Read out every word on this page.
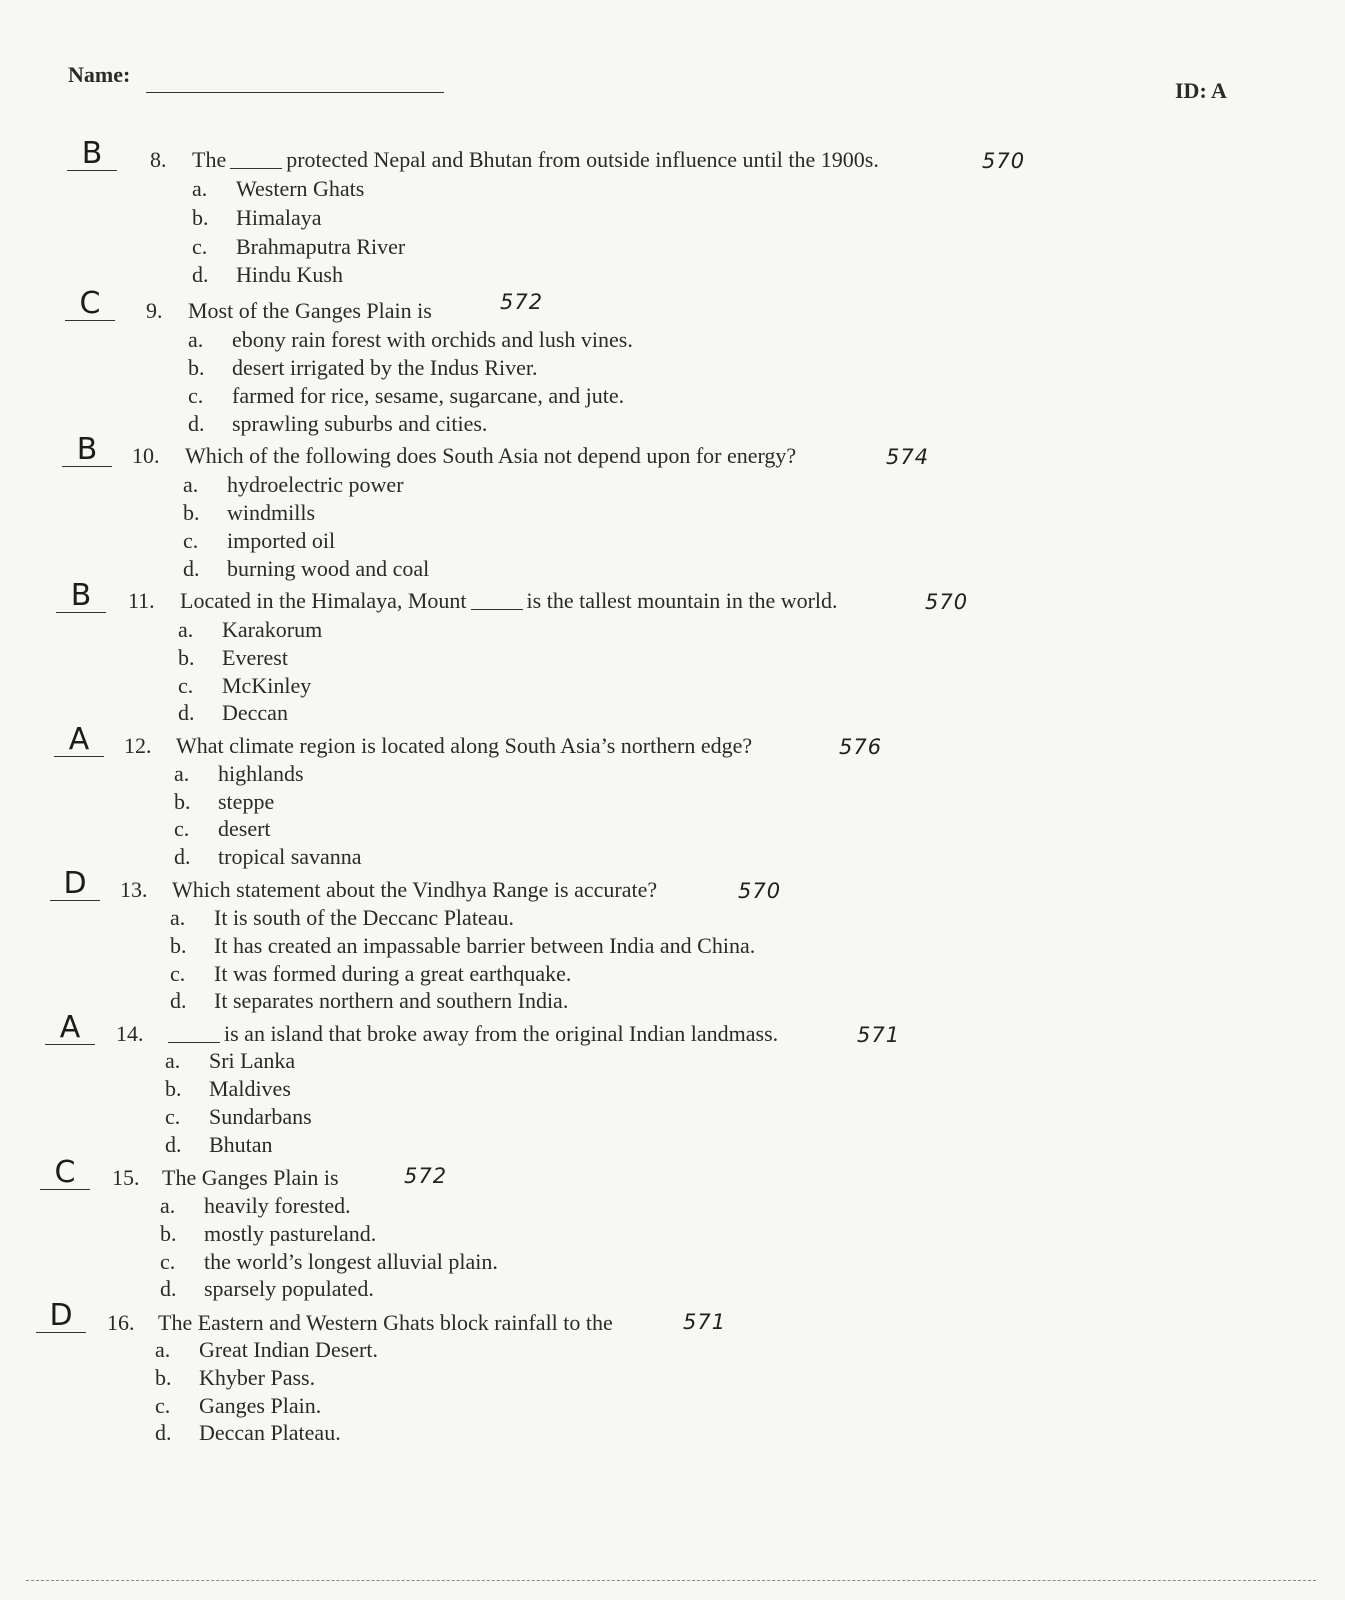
Name:
ID: A
B	8. The	protected Nepal and Bhutan from outside influence until the 1900s.	570
a. Western Ghats
b. Himalaya
c. Brahmaputra River
d. Hindu Kush
C	9. Most of the Ganges Plain is	572
a. ebony rain forest with orchids and lush vines.
b. desert irrigated by the Indus River.
c. farmed for rice, sesame, sugarcane, and jute.
d. sprawling suburbs and cities.
B	10. Which of the following does South Asia not depend upon for energy?	574
a. hydroelectric power
b. windmills
c. imported oil
d. burning wood and coal
B	11. Located in the Himalaya, Mount	is the tallest mountain in the world.	570
a. Karakorum
b. Everest
c. McKinley
d. Deccan
A	12. What climate region is located along South Asia’s northern edge?	576
a. highlands
b. steppe
c. desert
d. tropical savanna
D	13. Which statement about the Vindhya Range is accurate?	570
a. It is south of the Deccanc Plateau.
b. It has created an impassable barrier between India and China.
c. It was formed during a great earthquake.
d. It separates northern and southern India.
A	14.	is an island that broke away from the original Indian landmass.	571
a. Sri Lanka
b. Maldives
c. Sundarbans
d. Bhutan
C	15. The Ganges Plain is	572
a. heavily forested.
b. mostly pastureland.
c. the world’s longest alluvial plain.
d. sparsely populated.
D	16. The Eastern and Western Ghats block rainfall to the	571
a. Great Indian Desert.
b. Khyber Pass.
c. Ganges Plain.
d. Deccan Plateau.
